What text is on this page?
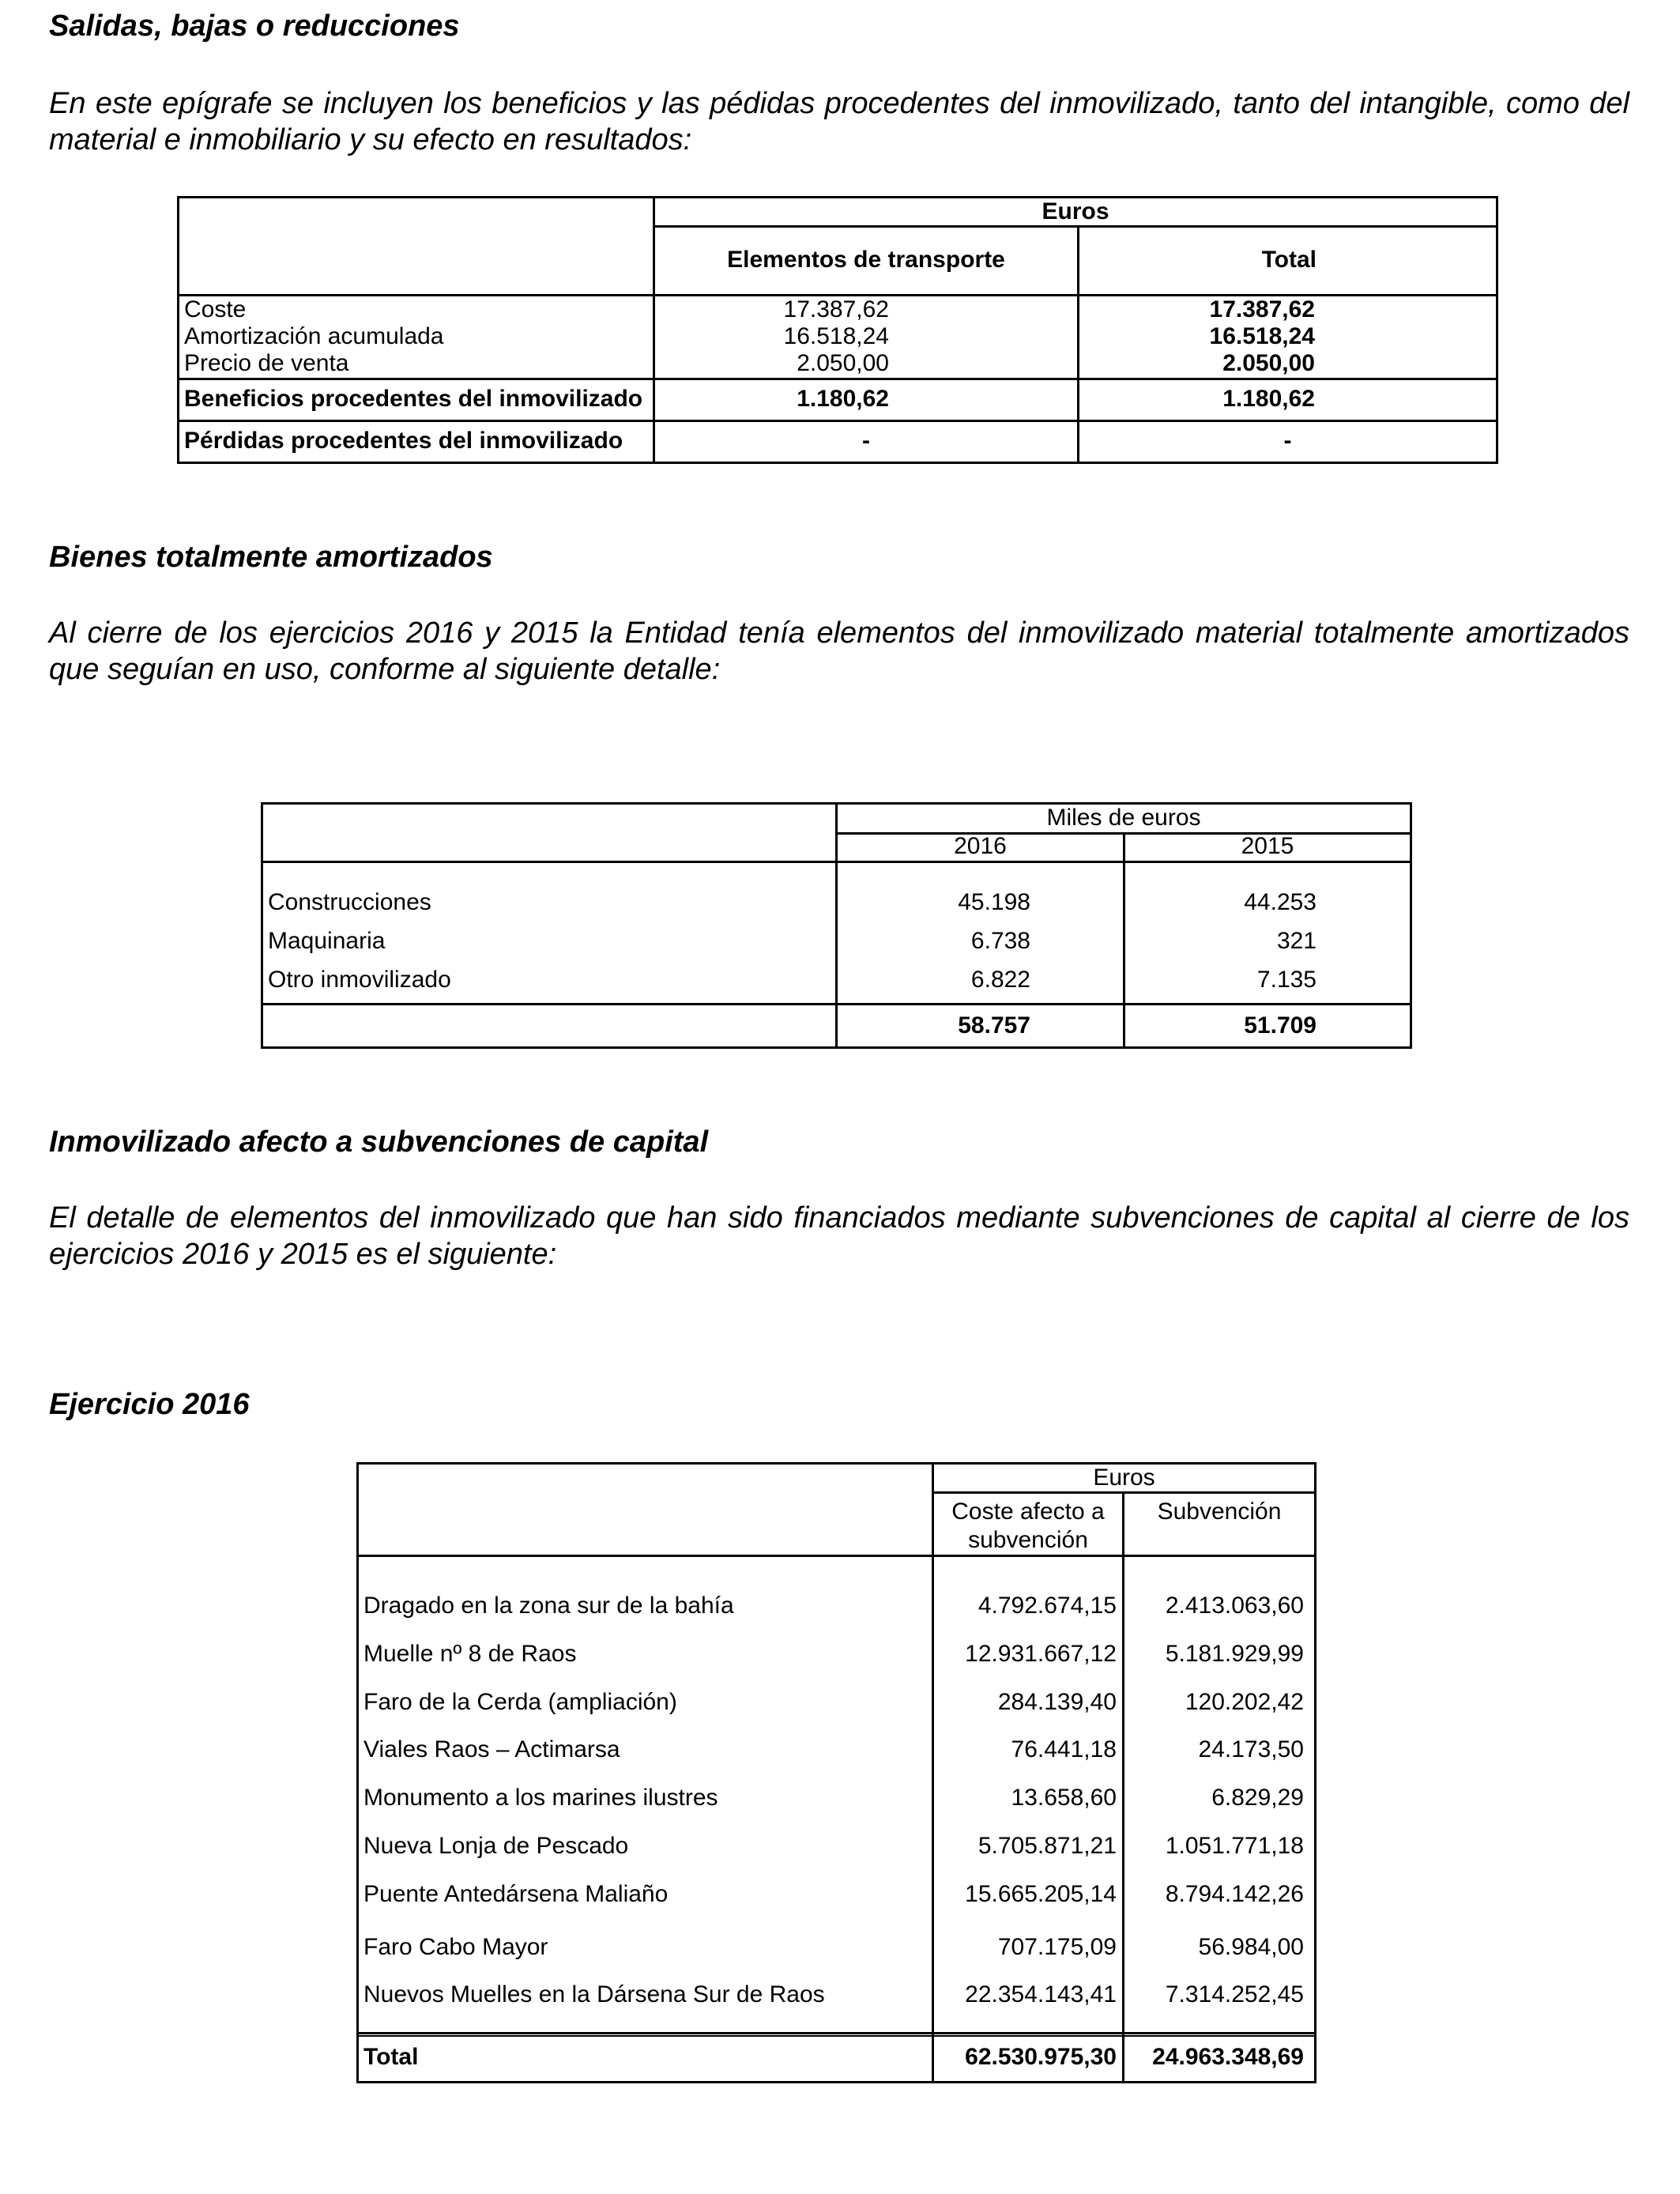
Salidas, bajas o reducciones
En este epígrafe se incluyen los beneficios y las pédidas procedentes del inmovilizado, tanto del intangible, como del material e inmobiliario y su efecto en resultados:
Euros
Elementos de transporte	Total
Coste	17.387,62	17.387,62
Amortización acumulada	16.518,24	16.518,24
Precio de venta	2.050,00	2.050,00
Beneficios procedentes del inmovilizado	1.180,62	1.180,62
Pérdidas procedentes del inmovilizado	-	-
Bienes totalmente amortizados
Al cierre de los ejercicios 2016 y 2015 la Entidad tenía elementos del inmovilizado material totalmente amortizados que seguían en uso, conforme al siguiente detalle:
Miles de euros
2016	2015
Construcciones	45.198	44.253
Maquinaria	6.738	321
Otro inmovilizado	6.822	7.135
58.757	51.709
Inmovilizado afecto a subvenciones de capital
El detalle de elementos del inmovilizado que han sido financiados mediante subvenciones de capital al cierre de los ejercicios 2016 y 2015 es el siguiente:
Ejercicio 2016
Euros
Coste afecto a
subvención
Subvención
Dragado en la zona sur de la bahía	4.792.674,15	2.413.063,60
Muelle nº 8 de Raos	12.931.667,12	5.181.929,99
Faro de la Cerda (ampliación)	284.139,40	120.202,42
Viales Raos – Actimarsa	76.441,18	24.173,50
Monumento a los marines ilustres	13.658,60	6.829,29
Nueva Lonja de Pescado	5.705.871,21	1.051.771,18
Puente Antedársena Maliaño	15.665.205,14	8.794.142,26
Faro Cabo Mayor	707.175,09	56.984,00
Nuevos Muelles en la Dársena Sur de Raos	22.354.143,41	7.314.252,45
Total	62.530.975,30	24.963.348,69
